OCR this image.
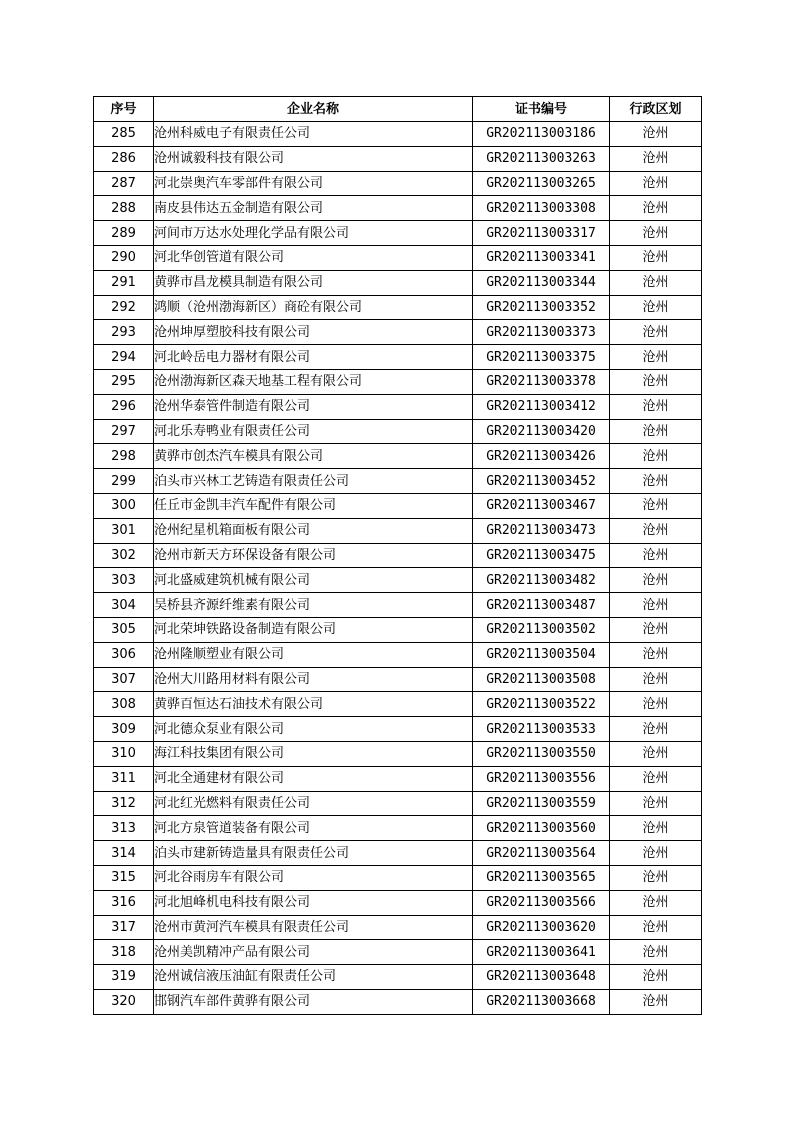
序号	企业名称	证书编号	行政区划
285	沧州科威电子有限责任公司	GR202113003186	沧州
286	沧州诚毅科技有限公司	GR202113003263	沧州
287	河北崇奥汽车零部件有限公司	GR202113003265	沧州
288	南皮县伟达五金制造有限公司	GR202113003308	沧州
289	河间市万达水处理化学品有限公司	GR202113003317	沧州
290	河北华创管道有限公司	GR202113003341	沧州
291	黄骅市昌龙模具制造有限公司	GR202113003344	沧州
292	鸿顺（沧州渤海新区）商砼有限公司	GR202113003352	沧州
293	沧州坤厚塑胶科技有限公司	GR202113003373	沧州
294	河北岭岳电力器材有限公司	GR202113003375	沧州
295	沧州渤海新区森天地基工程有限公司	GR202113003378	沧州
296	沧州华泰管件制造有限公司	GR202113003412	沧州
297	河北乐寿鸭业有限责任公司	GR202113003420	沧州
298	黄骅市创杰汽车模具有限公司	GR202113003426	沧州
299	泊头市兴林工艺铸造有限责任公司	GR202113003452	沧州
300	任丘市金凯丰汽车配件有限公司	GR202113003467	沧州
301	沧州纪星机箱面板有限公司	GR202113003473	沧州
302	沧州市新天方环保设备有限公司	GR202113003475	沧州
303	河北盛威建筑机械有限公司	GR202113003482	沧州
304	吴桥县齐源纤维素有限公司	GR202113003487	沧州
305	河北荣坤铁路设备制造有限公司	GR202113003502	沧州
306	沧州隆顺塑业有限公司	GR202113003504	沧州
307	沧州大川路用材料有限公司	GR202113003508	沧州
308	黄骅百恒达石油技术有限公司	GR202113003522	沧州
309	河北德众泵业有限公司	GR202113003533	沧州
310	海江科技集团有限公司	GR202113003550	沧州
311	河北全通建材有限公司	GR202113003556	沧州
312	河北红光燃料有限责任公司	GR202113003559	沧州
313	河北方泉管道装备有限公司	GR202113003560	沧州
314	泊头市建新铸造量具有限责任公司	GR202113003564	沧州
315	河北谷雨房车有限公司	GR202113003565	沧州
316	河北旭峰机电科技有限公司	GR202113003566	沧州
317	沧州市黄河汽车模具有限责任公司	GR202113003620	沧州
318	沧州美凯精冲产品有限公司	GR202113003641	沧州
319	沧州诚信液压油缸有限责任公司	GR202113003648	沧州
320	邯钢汽车部件黄骅有限公司	GR202113003668	沧州
